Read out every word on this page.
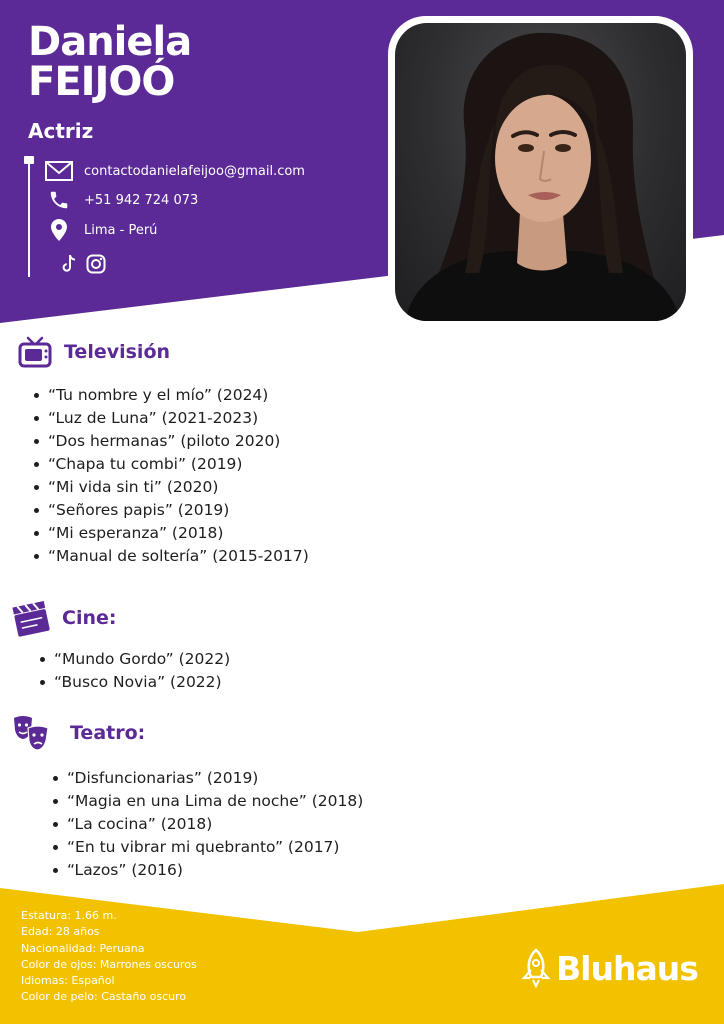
Daniela
FEIJOÓ
Actriz
contactodanielafeijoo@gmail.com
+51 942 724 073
Lima - Perú
Televisión
“Tu nombre y el mío” (2024)
“Luz de Luna” (2021-2023)
“Dos hermanas” (piloto 2020)
“Chapa tu combi” (2019)
“Mi vida sin ti” (2020)
“Señores papis” (2019)
“Mi esperanza” (2018)
“Manual de soltería” (2015-2017)
Cine:
“Mundo Gordo” (2022)
“Busco Novia” (2022)
Teatro:
“Disfuncionarias” (2019)
“Magia en una Lima de noche” (2018)
“La cocina” (2018)
“En tu vibrar mi quebranto” (2017)
“Lazos” (2016)
Estatura: 1.66 m.
Edad: 28 años
Nacionalidad: Peruana
Color de ojos: Marrones oscuros
Idiomas: Español
Color de pelo: Castaño oscuro
Bluhaus
